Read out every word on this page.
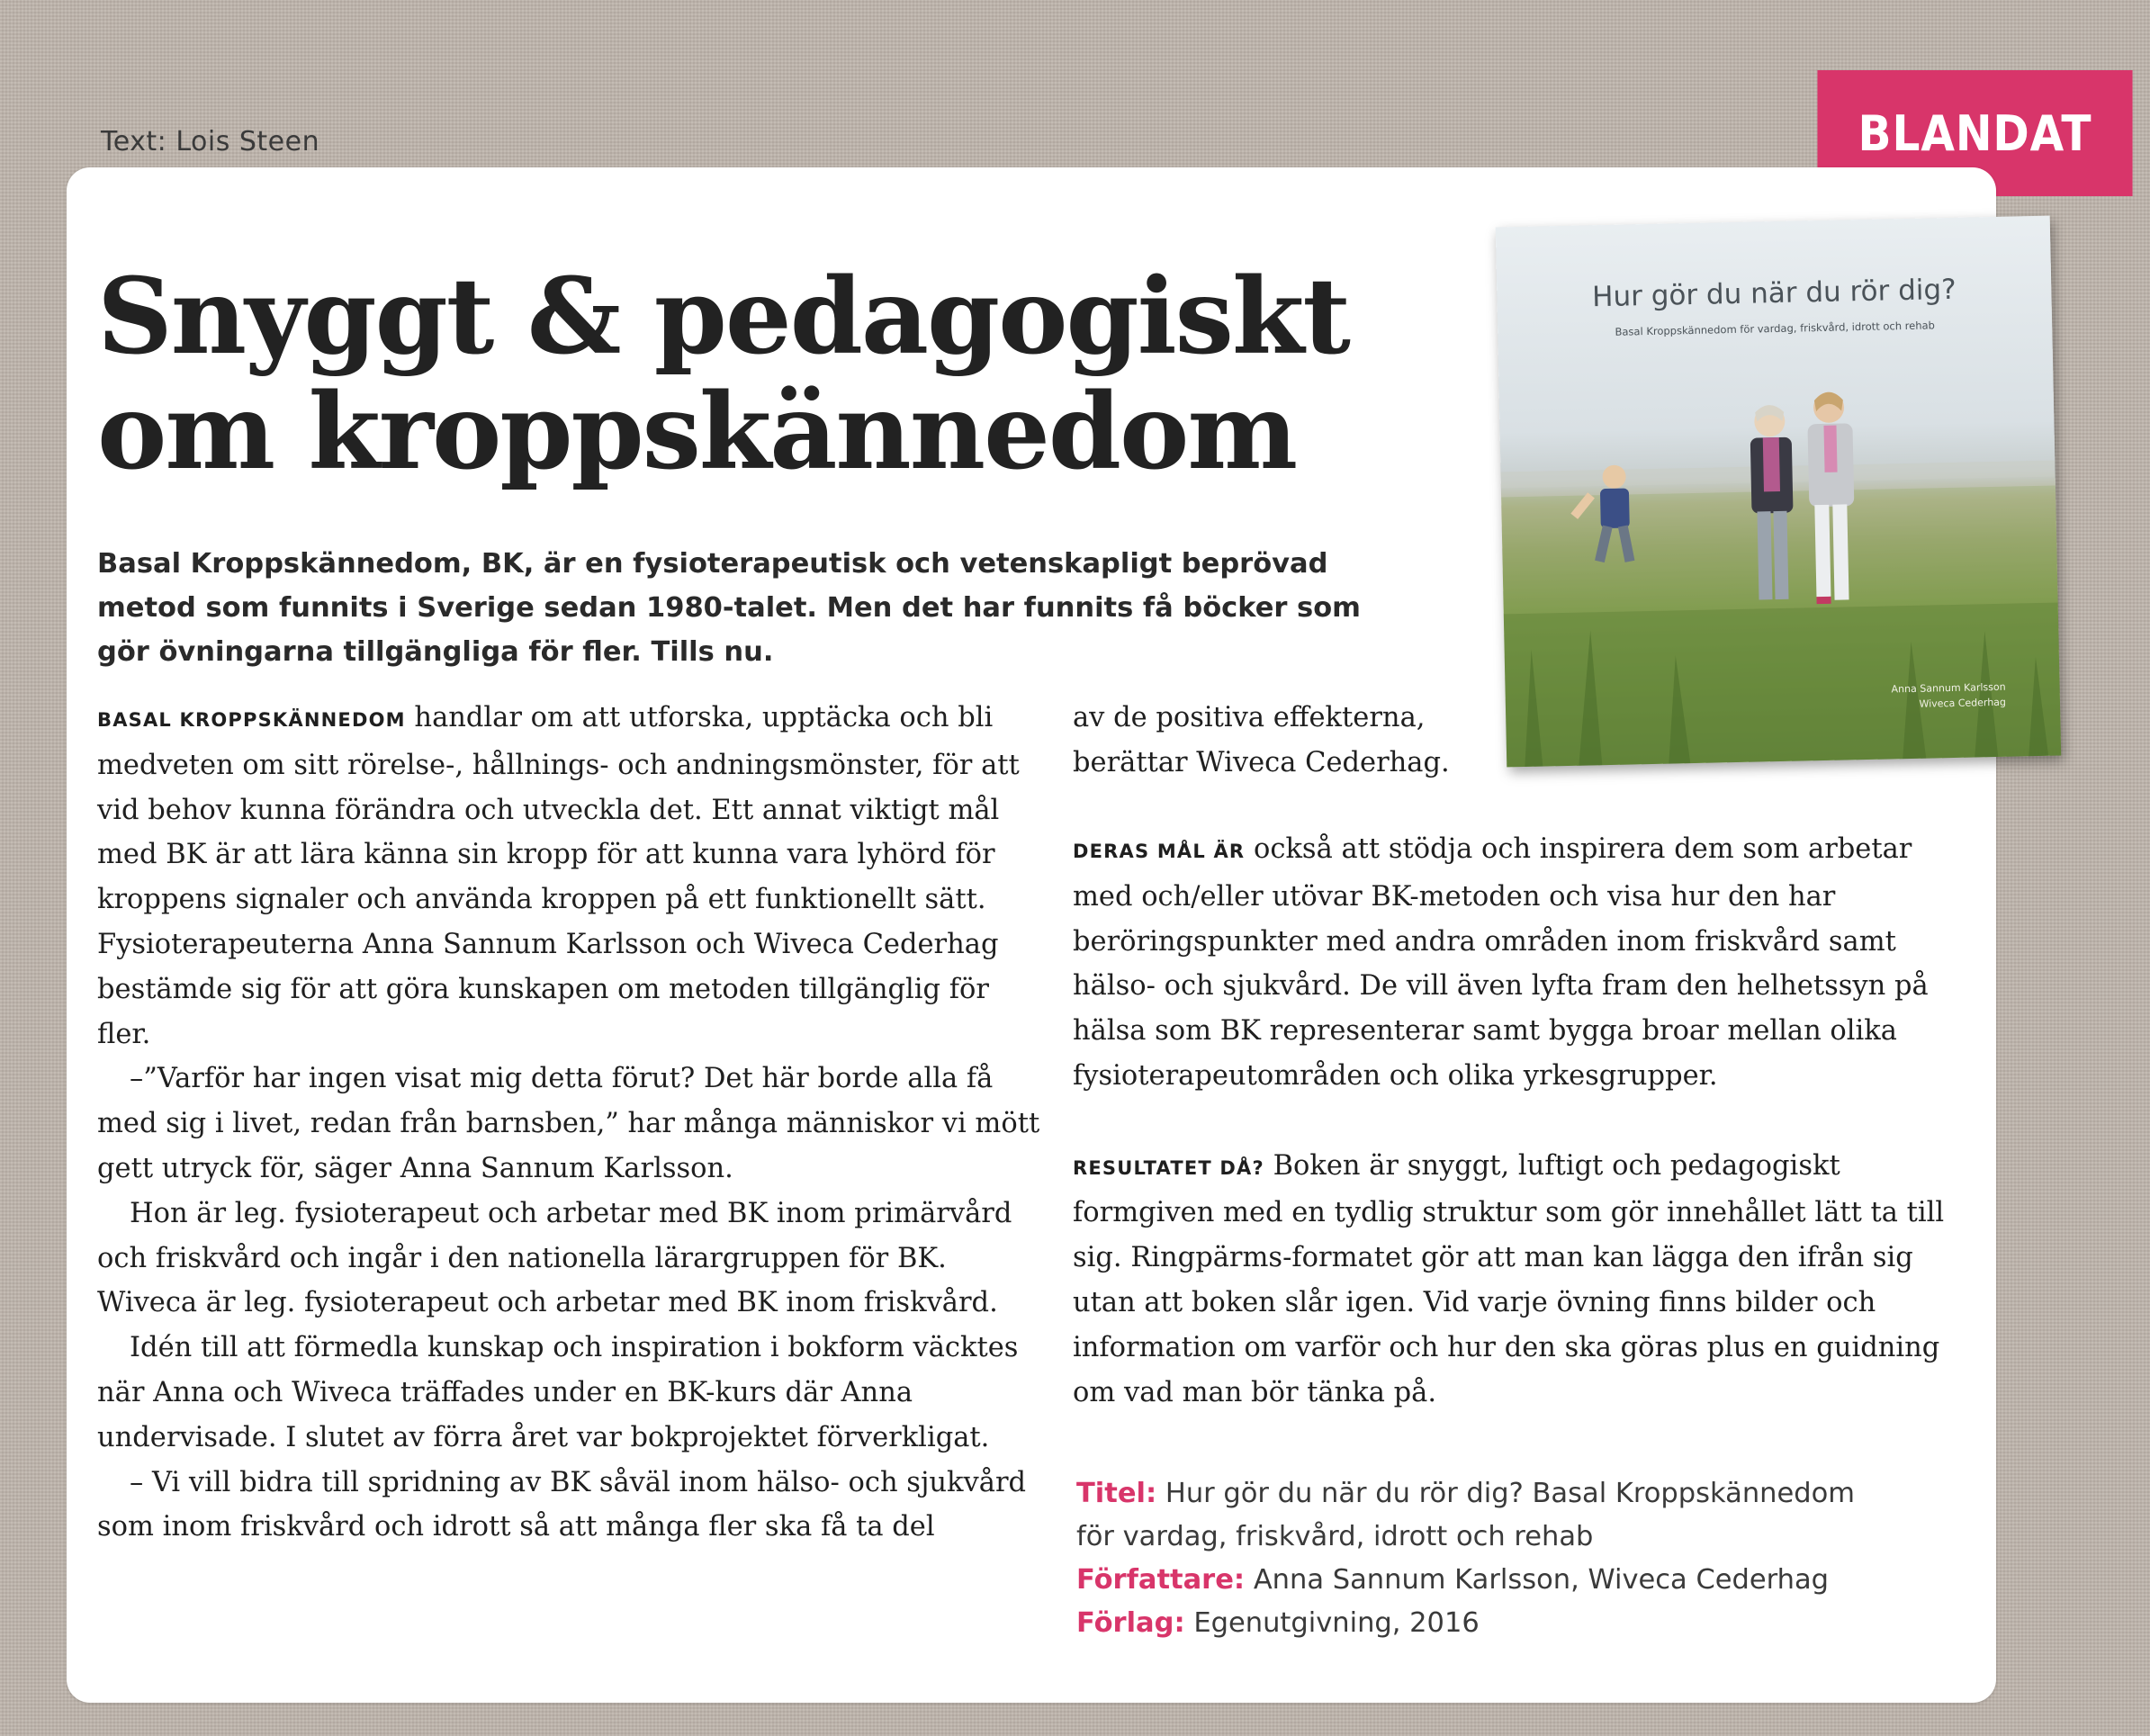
Text: Lois Steen	BLANDAT
Snyggt & pedagogiskt
om kroppskännedom

Basal Kroppskännedom, BK, är en fysioterapeutisk och vetenskapligt beprövad metod som funnits i Sverige sedan 1980-talet. Men det har funnits få böcker som gör övningarna tillgängliga för fler. Tills nu.

BASAL KROPPSKÄNNEDOM handlar om att utforska, upptäcka och bli medveten om sitt rörelse-, hållnings- och andningsmönster, för att vid behov kunna förändra och utveckla det. Ett annat viktigt mål med BK är att lära känna sin kropp för att kunna vara lyhörd för kroppens signaler och använda kroppen på ett funktionellt sätt. Fysioterapeuterna Anna Sannum Karlsson och Wiveca Cederhag bestämde sig för att göra kunskapen om metoden tillgänglig för fler.

–”Varför har ingen visat mig detta förut? Det här borde alla få med sig i livet, redan från barnsben,” har många människor vi mött gett utryck för, säger Anna Sannum Karlsson.

Hon är leg. fysioterapeut och arbetar med BK inom primärvård och friskvård och ingår i den nationella lärargruppen för BK. Wiveca är leg. fysioterapeut och arbetar med BK inom friskvård.

Idén till att förmedla kunskap och inspiration i bokform väcktes när Anna och Wiveca träffades under en BK-kurs där Anna undervisade. I slutet av förra året var bokprojektet förverkligat.

– Vi vill bidra till spridning av BK såväl inom hälso- och sjukvård som inom friskvård och idrott så att många fler ska få ta del

av de positiva effekterna, berättar Wiveca Cederhag.

DERAS MÅL ÄR också att stödja och inspirera dem som arbetar med och/eller utövar BK-metoden och visa hur den har beröringspunkter med andra områden inom friskvård samt hälso- och sjukvård. De vill även lyfta fram den helhetssyn på hälsa som BK representerar samt bygga broar mellan olika fysioterapeutområden och olika yrkesgrupper.

RESULTATET DÅ? Boken är snyggt, luftigt och pedagogiskt formgiven med en tydlig struktur som gör innehållet lätt ta till sig. Ringpärms-formatet gör att man kan lägga den ifrån sig utan att boken slår igen. Vid varje övning finns bilder och information om varför och hur den ska göras plus en guidning om vad man bör tänka på.

Titel: Hur gör du när du rör dig? Basal Kroppskännedom
för vardag, friskvård, idrott och rehab
Författare: Anna Sannum Karlsson, Wiveca Cederhag
Förlag: Egenutgivning, 2016
Hur gör du när du rör dig?
Basal Kroppskännedom för vardag, friskvård, idrott och rehab
Anna Sannum Karlsson
Wiveca Cederhag
